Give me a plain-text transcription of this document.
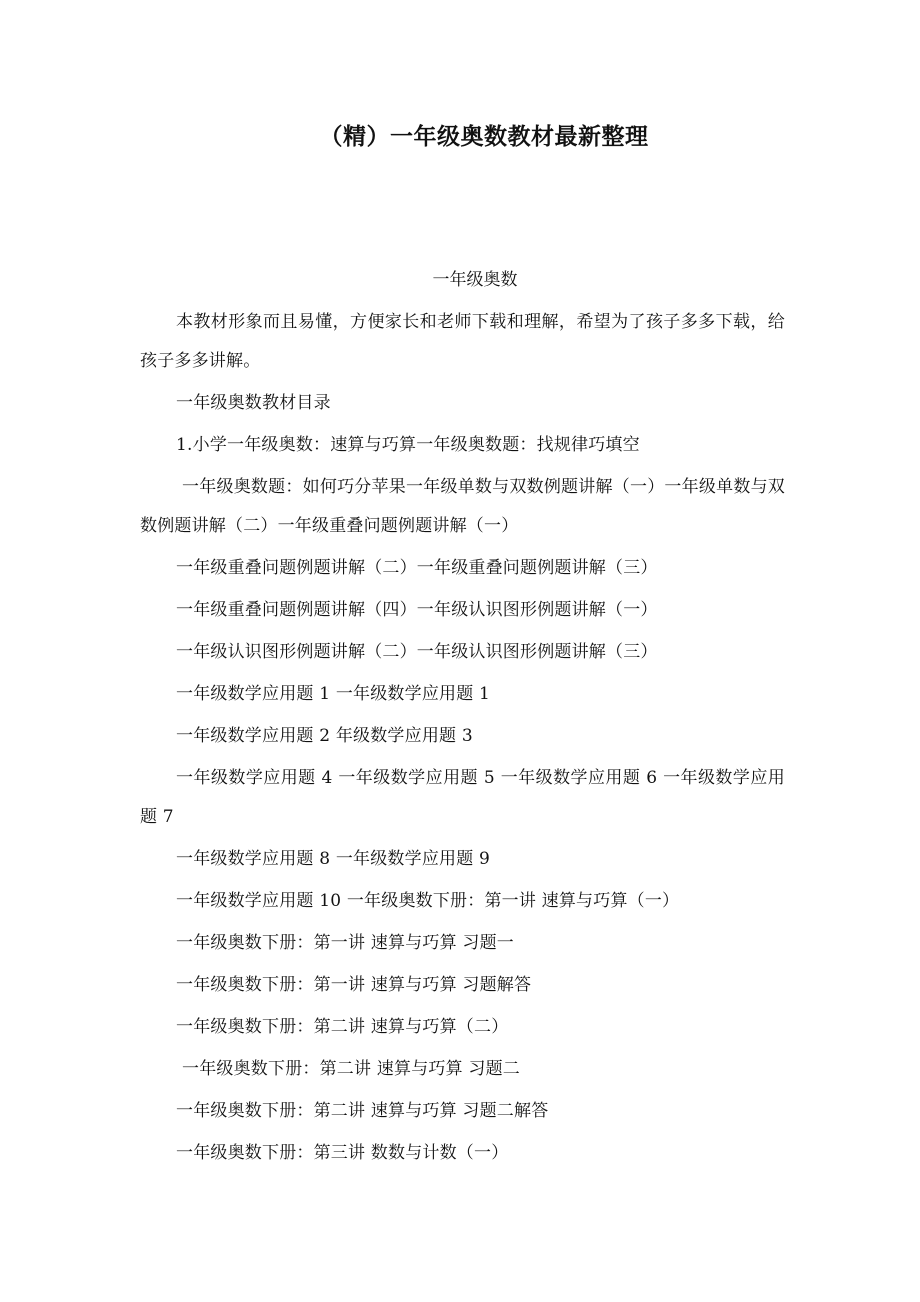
（精）一年级奥数教材最新整理
一年级奥数

本教材形象而且易懂，方便家长和老师下载和理解，希望为了孩子多多下载，给孩子多多讲解。

一年级奥数教材目录

1.小学一年级奥数：速算与巧算一年级奥数题：找规律巧填空

一年级奥数题：如何巧分苹果一年级单数与双数例题讲解（一）一年级单数与双数例题讲解（二）一年级重叠问题例题讲解（一）

一年级重叠问题例题讲解（二）一年级重叠问题例题讲解（三）

一年级重叠问题例题讲解（四）一年级认识图形例题讲解（一）

一年级认识图形例题讲解（二）一年级认识图形例题讲解（三）

一年级数学应用题 1 一年级数学应用题 1

一年级数学应用题 2 年级数学应用题 3

一年级数学应用题 4 一年级数学应用题 5 一年级数学应用题 6 一年级数学应用题 7

一年级数学应用题 8 一年级数学应用题 9

一年级数学应用题 10 一年级奥数下册：第一讲 速算与巧算（一）

一年级奥数下册：第一讲 速算与巧算 习题一

一年级奥数下册：第一讲 速算与巧算 习题解答

一年级奥数下册：第二讲 速算与巧算（二）

一年级奥数下册：第二讲 速算与巧算 习题二

一年级奥数下册：第二讲 速算与巧算 习题二解答

一年级奥数下册：第三讲 数数与计数（一）
